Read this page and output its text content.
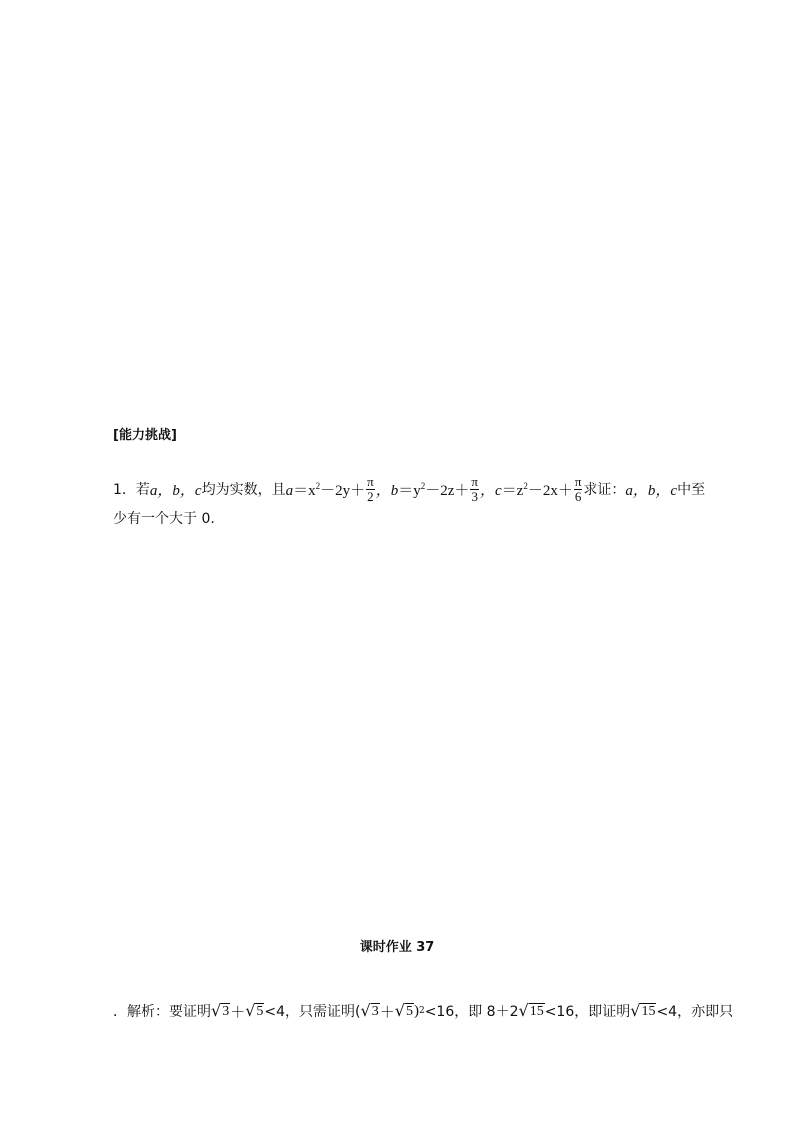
[能力挑战]
1． 若 a，b，c 均为实数，且 $a=x^2-2y+ \frac{\pi}{2}$ ，$b=y^2-2z+ \frac{\pi}{3}$ ，$c=z^2-2x+ \frac{\pi}{6}$ 求证： a，b，c 中至
少有一个大于 0.
课时作业 37
．解析：要证明 √ 3 ＋ √ 5 <4，只需证明( √ 3 ＋ √ 5 ) 2 <16，即 8＋2 √ 15 <16，即证明 √ 15 <4，亦即只
